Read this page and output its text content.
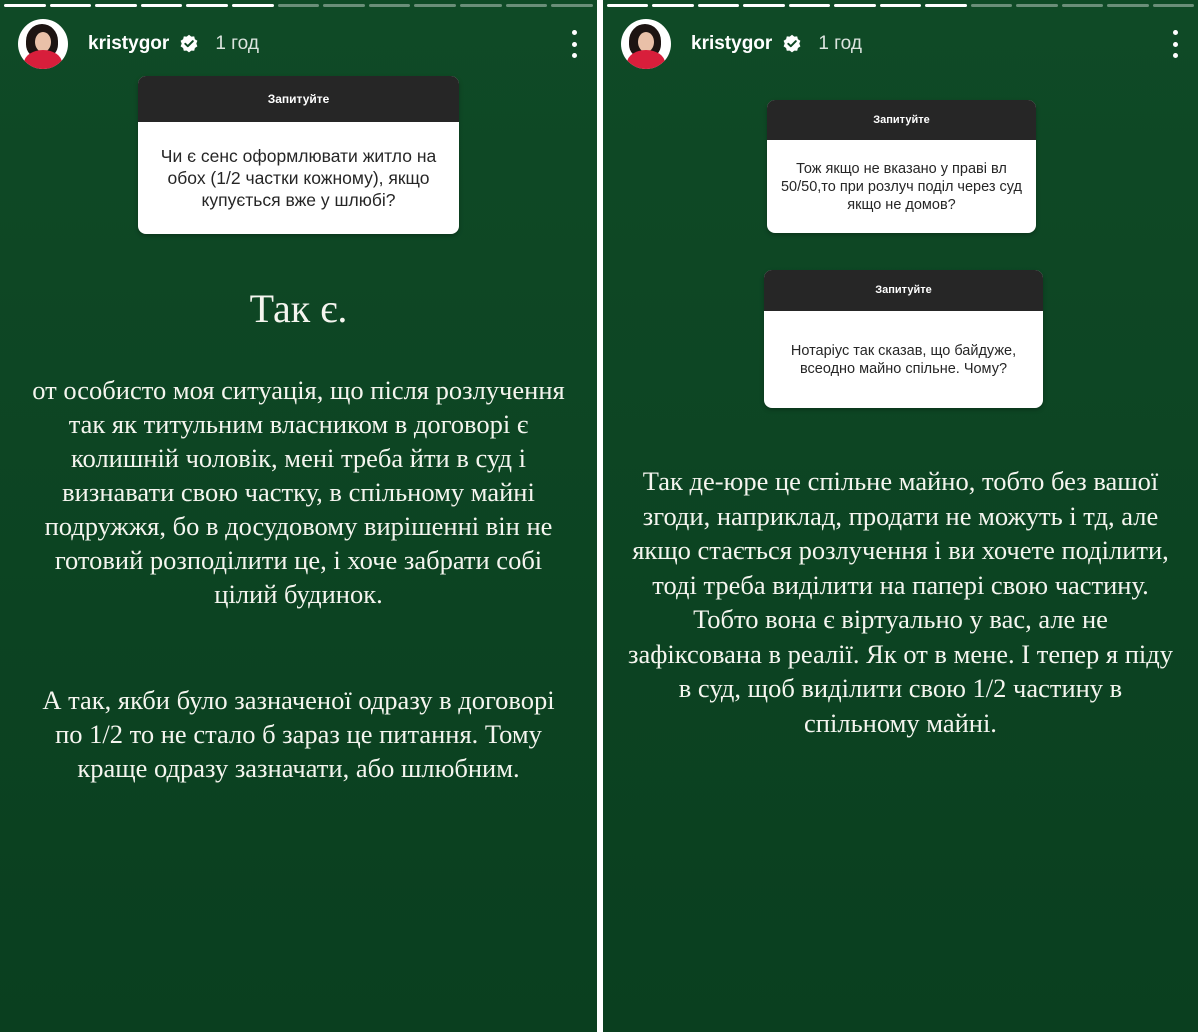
kristygor 1 год
Запитуйте
Чи є сенс оформлювати житло на обох (1/2 частки кожному), якщо купується вже у шлюбі?

Так є.

от особисто моя ситуація, що після розлучення так як титульним власником в договорі є колишній чоловік, мені треба йти в суд і визнавати свою частку, в спільному майні подружжя, бо в досудовому вирішенні він не готовий розподілити це, і хоче забрати собі цілий будинок.

А так, якби було зазначеної одразу в договорі по 1/2 то не стало б зараз це питання. Тому краще одразу зазначати, або шлюбним.

kristygor 1 год
Запитуйте
Тож якщо не вказано у праві вл 50/50,то при розлуч поділ через суд якщо не домов?
Запитуйте
Нотаріус так сказав, що байдуже, всеодно майно спільне. Чому?

Так де-юре це спільне майно, тобто без вашої згоди, наприклад, продати не можуть і тд, але якщо стається розлучення і ви хочете поділити, тоді треба виділити на папері свою частину. Тобто вона є віртуально у вас, але не зафіксована в реалії. Як от в мене. І тепер я піду в суд, щоб виділити свою 1/2 частину в спільному майні.
